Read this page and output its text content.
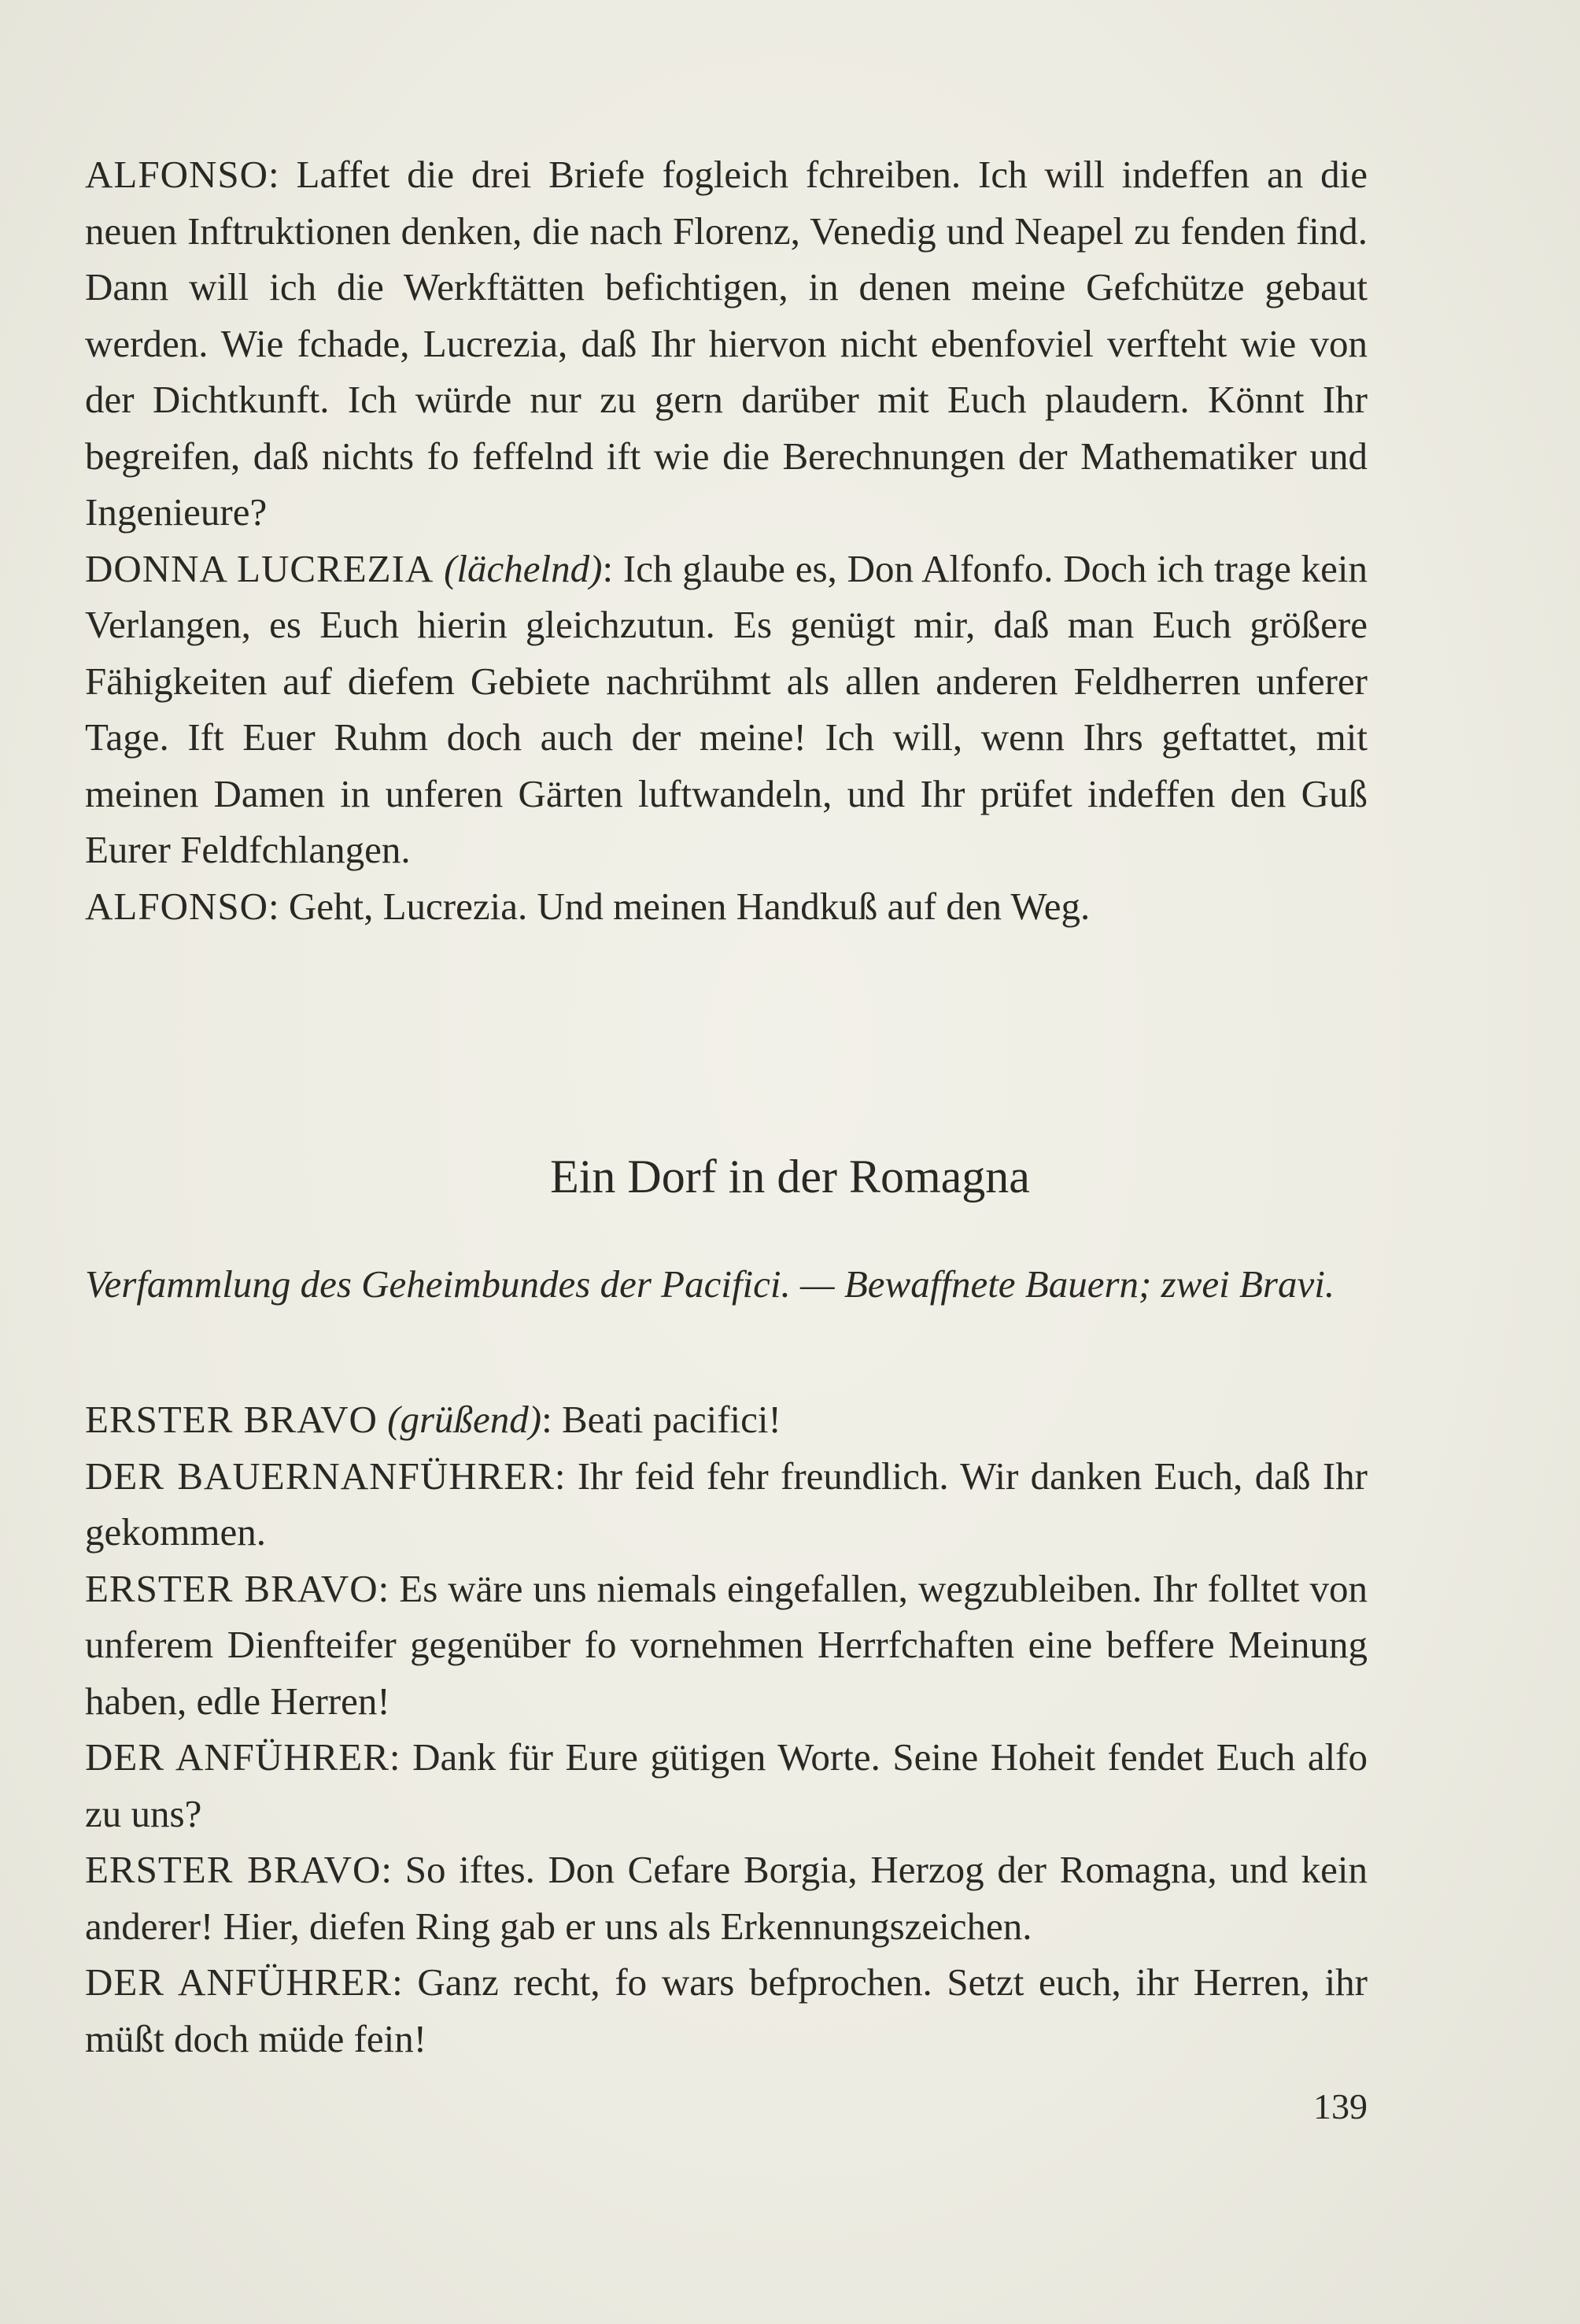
ALFONSO: Laffet die drei Briefe fogleich fchreiben. Ich will indeffen an die neuen Inftruktionen denken, die nach Florenz, Venedig und Neapel zu fenden find. Dann will ich die Werkftätten befichtigen, in denen meine Gefchütze gebaut werden. Wie fchade, Lucrezia, daß Ihr hiervon nicht ebenfoviel verfteht wie von der Dichtkunft. Ich würde nur zu gern darüber mit Euch plaudern. Könnt Ihr begreifen, daß nichts fo feffelnd ift wie die Berechnungen der Mathematiker und Ingenieure?

DONNA LUCREZIA (lächelnd): Ich glaube es, Don Alfonfo. Doch ich trage kein Verlangen, es Euch hierin gleichzutun. Es genügt mir, daß man Euch größere Fähigkeiten auf diefem Gebiete nachrühmt als allen anderen Feldherren unferer Tage. Ift Euer Ruhm doch auch der meine! Ich will, wenn Ihrs geftattet, mit meinen Damen in unferen Gärten luftwandeln, und Ihr prüfet indeffen den Guß Eurer Feldfchlangen.

ALFONSO: Geht, Lucrezia. Und meinen Handkuß auf den Weg.

Ein Dorf in der Romagna

Verfammlung des Geheimbundes der Pacifici. — Bewaffnete Bauern; zwei Bravi.

ERSTER BRAVO (grüßend): Beati pacifici!

DER BAUERNANFÜHRER: Ihr feid fehr freundlich. Wir danken Euch, daß Ihr gekommen.

ERSTER BRAVO: Es wäre uns niemals eingefallen, wegzubleiben. Ihr folltet von unferem Dienfteifer gegenüber fo vornehmen Herrfchaften eine beffere Meinung haben, edle Herren!

DER ANFÜHRER: Dank für Eure gütigen Worte. Seine Hoheit fendet Euch alfo zu uns?

ERSTER BRAVO: So iftes. Don Cefare Borgia, Herzog der Romagna, und kein anderer! Hier, diefen Ring gab er uns als Erkennungszeichen.

DER ANFÜHRER: Ganz recht, fo wars befprochen. Setzt euch, ihr Herren, ihr müßt doch müde fein!

139
